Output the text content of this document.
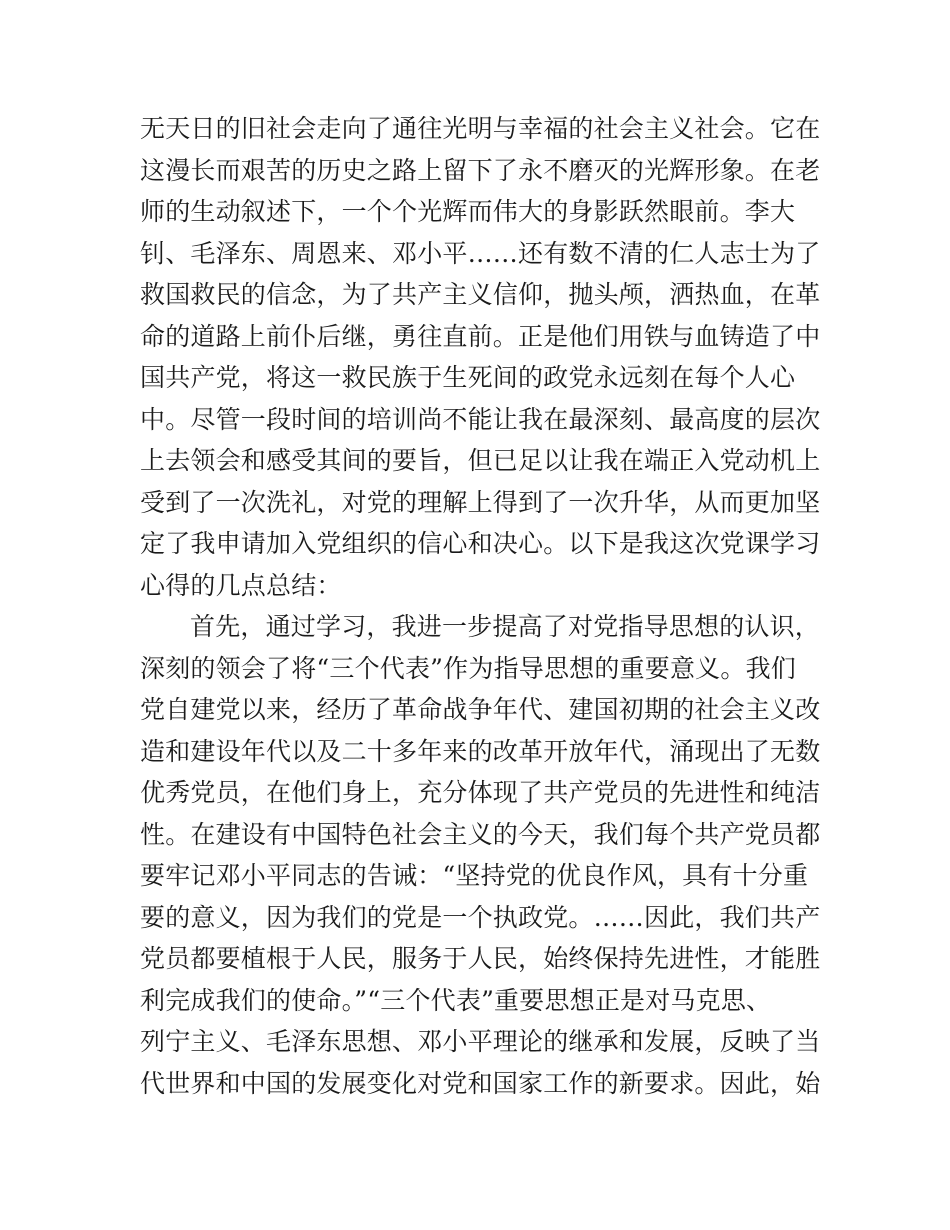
无天日的旧社会走向了通往光明与幸福的社会主义社会。它在
这漫长而艰苦的历史之路上留下了永不磨灭的光辉形象。在老
师的生动叙述下，一个个光辉而伟大的身影跃然眼前。李大
钊、毛泽东、周恩来、邓小平……还有数不清的仁人志士为了
救国救民的信念，为了共产主义信仰，抛头颅，洒热血，在革
命的道路上前仆后继，勇往直前。正是他们用铁与血铸造了中
国共产党，将这一救民族于生死间的政党永远刻在每个人心
中。尽管一段时间的培训尚不能让我在最深刻、最高度的层次
上去领会和感受其间的要旨，但已足以让我在端正入党动机上
受到了一次洗礼，对党的理解上得到了一次升华，从而更加坚
定了我申请加入党组织的信心和决心。以下是我这次党课学习
心得的几点总结：
首先，通过学习，我进一步提高了对党指导思想的认识，
深刻的领会了将“三个代表”作为指导思想的重要意义。我们
党自建党以来，经历了革命战争年代、建国初期的社会主义改
造和建设年代以及二十多年来的改革开放年代，涌现出了无数
优秀党员，在他们身上，充分体现了共产党员的先进性和纯洁
性。在建设有中国特色社会主义的今天，我们每个共产党员都
要牢记邓小平同志的告诫：“坚持党的优良作风，具有十分重
要的意义，因为我们的党是一个执政党。……因此，我们共产
党员都要植根于人民，服务于人民，始终保持先进性，才能胜
利完成我们的使命。”“三个代表”重要思想正是对马克思、
列宁主义、毛泽东思想、邓小平理论的继承和发展，反映了当
代世界和中国的发展变化对党和国家工作的新要求。因此，始
